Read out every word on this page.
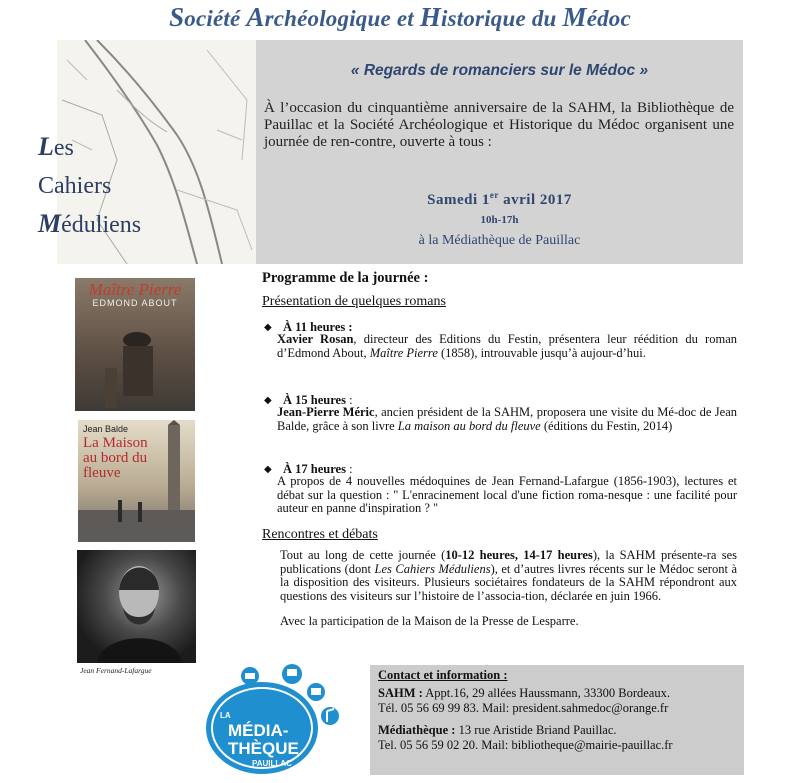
Société Archéologique et Historique du Médoc
Les
Cahiers
Méduliens
« Regards de romanciers sur le Médoc »
À l’occasion du cinquantième anniversaire de la SAHM, la Bibliothèque de Pauillac et la Société Archéologique et Historique du Médoc organisent une journée de ren-contre, ouverte à tous :
Samedi 1er avril 2017
10h-17h
à la Médiathèque de Pauillac
Maître Pierre
EDMOND ABOUT
Jean Balde
La Maison au bord du fleuve
Jean Fernand-Lafargue
Programme de la journée :
Présentation de quelques romans
◆ À 11 heures :
Xavier Rosan, directeur des Editions du Festin, présentera leur réédition du roman d’Edmond About, Maître Pierre (1858), introuvable jusqu’à aujour-d’hui.
◆ À 15 heures :
Jean-Pierre Méric, ancien président de la SAHM, proposera une visite du Mé-doc de Jean Balde, grâce à son livre La maison au bord du fleuve (éditions du Festin, 2014)
◆ À 17 heures :
A propos de 4 nouvelles médoquines de Jean Fernand-Lafargue (1856-1903), lectures et débat sur la question : " L'enracinement local d'une fiction roma-nesque : une facilité pour auteur en panne d'inspiration ? "
Rencontres et débats
Tout au long de cette journée (10-12 heures, 14-17 heures), la SAHM présente-ra ses publications (dont Les Cahiers Méduliens), et d’autres livres récents sur le Médoc seront à la disposition des visiteurs. Plusieurs sociétaires fondateurs de la SAHM répondront aux questions des visiteurs sur l’histoire de l’associa-tion, déclarée en juin 1966.
Avec la participation de la Maison de la Presse de Lesparre.
LA
MÉDIA-
THÈQUE
PAUILLAC
Contact et information :
SAHM : Appt.16, 29 allées Haussmann, 33300 Bordeaux.
Tél. 05 56 69 99 83. Mail: president.sahmedoc@orange.fr
Médiathèque : 13 rue Aristide Briand Pauillac.
Tel. 05 56 59 02 20. Mail: bibliotheque@mairie-pauillac.fr
